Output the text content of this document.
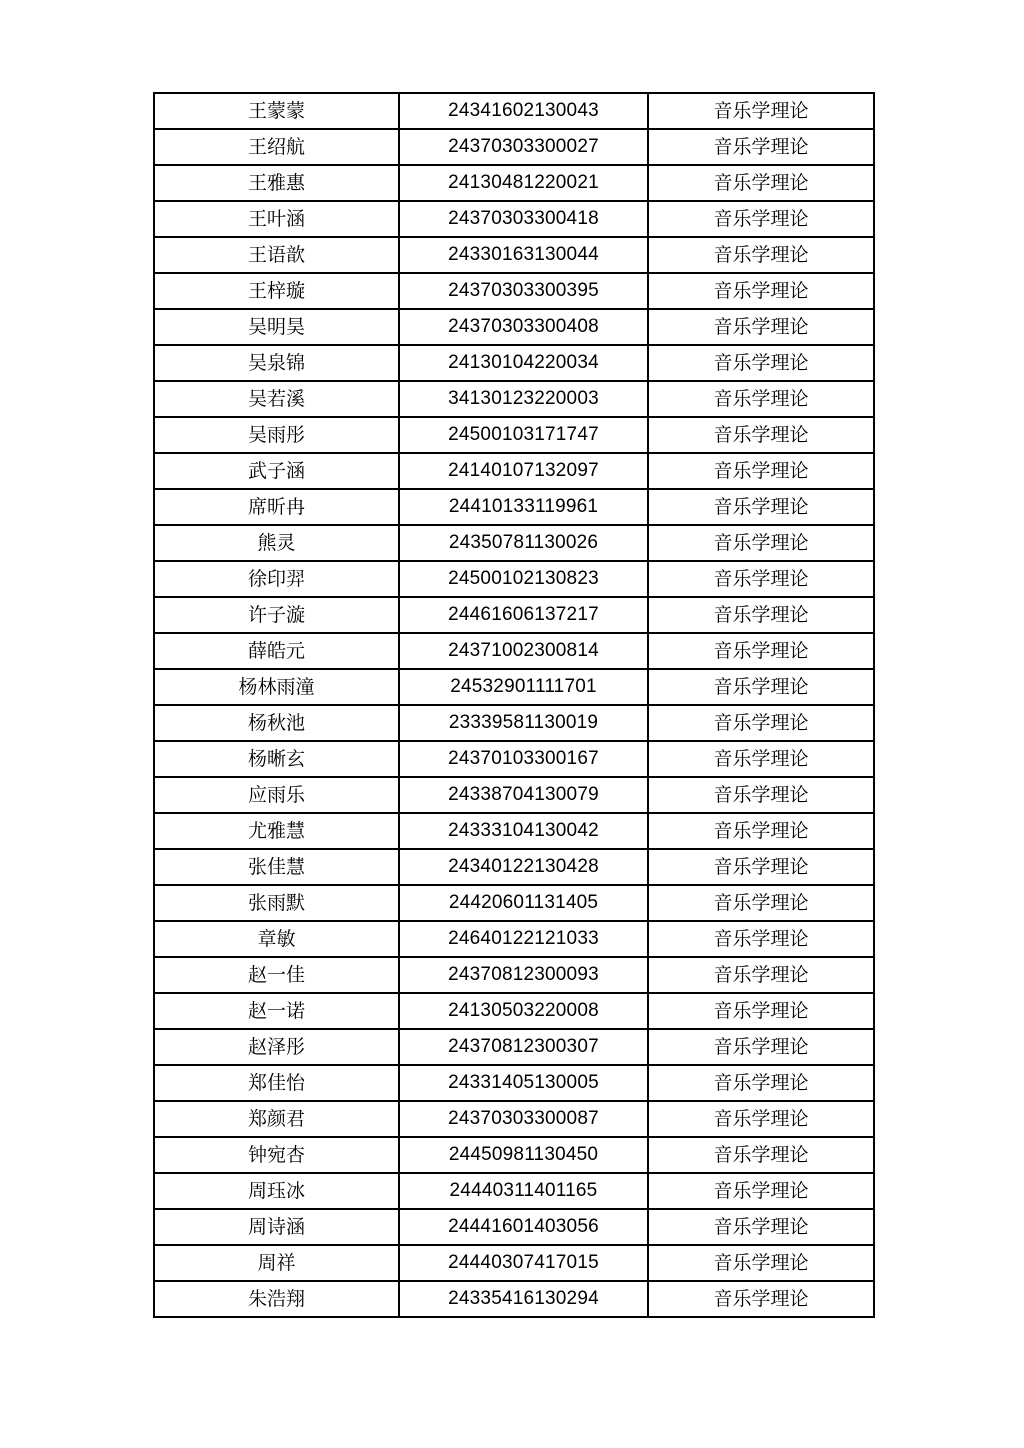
王蒙蒙	24341602130043	音乐学理论
王绍航	24370303300027	音乐学理论
王雅惠	24130481220021	音乐学理论
王叶涵	24370303300418	音乐学理论
王语歆	24330163130044	音乐学理论
王梓璇	24370303300395	音乐学理论
吴明昊	24370303300408	音乐学理论
吴泉锦	24130104220034	音乐学理论
吴若溪	34130123220003	音乐学理论
吴雨彤	24500103171747	音乐学理论
武子涵	24140107132097	音乐学理论
席昕冉	24410133119961	音乐学理论
熊灵	24350781130026	音乐学理论
徐印羿	24500102130823	音乐学理论
许子漩	24461606137217	音乐学理论
薛皓元	24371002300814	音乐学理论
杨林雨潼	24532901111701	音乐学理论
杨秋池	23339581130019	音乐学理论
杨晰玄	24370103300167	音乐学理论
应雨乐	24338704130079	音乐学理论
尤雅慧	24333104130042	音乐学理论
张佳慧	24340122130428	音乐学理论
张雨默	24420601131405	音乐学理论
章敏	24640122121033	音乐学理论
赵一佳	24370812300093	音乐学理论
赵一诺	24130503220008	音乐学理论
赵泽彤	24370812300307	音乐学理论
郑佳怡	24331405130005	音乐学理论
郑颜君	24370303300087	音乐学理论
钟宛杏	24450981130450	音乐学理论
周珏冰	24440311401165	音乐学理论
周诗涵	24441601403056	音乐学理论
周祥	24440307417015	音乐学理论
朱浩翔	24335416130294	音乐学理论
